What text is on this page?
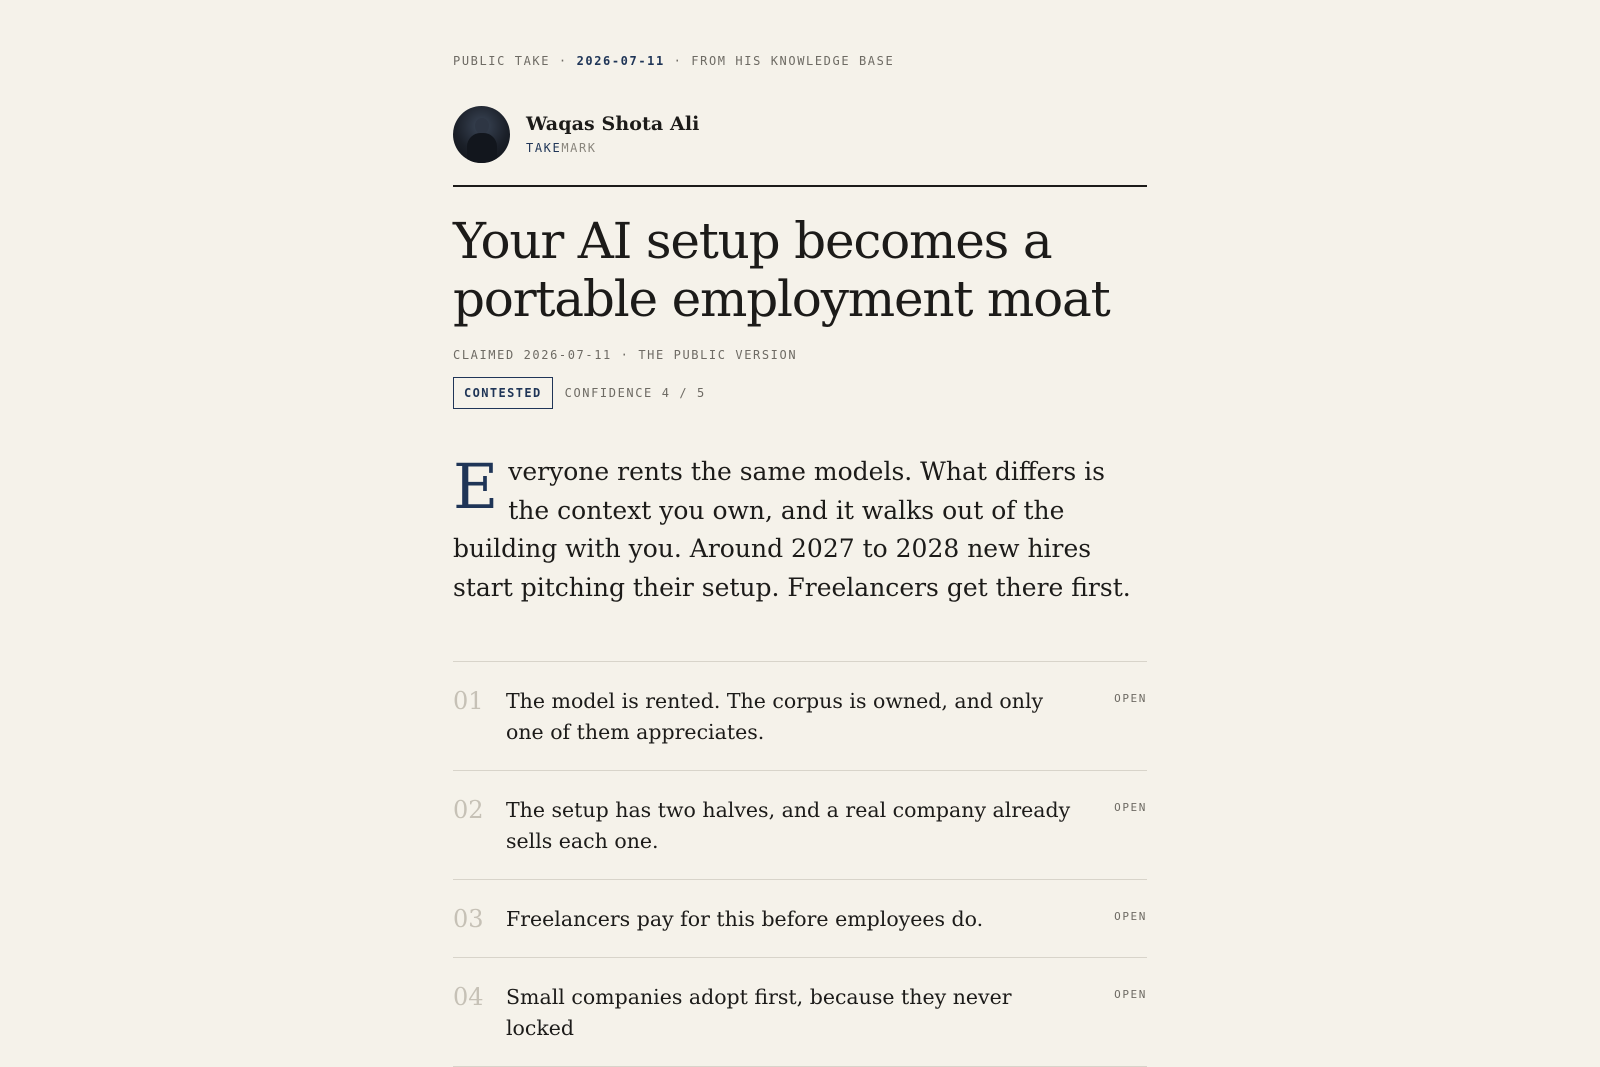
PUBLIC TAKE · 2026-07-11 · FROM HIS KNOWLEDGE BASE
Waqas Shota Ali
TAKEMARK
Your AI setup becomes a portable employment moat
CLAIMED 2026-07-11 · THE PUBLIC VERSION
CONTESTED	CONFIDENCE 4 / 5

Everyone rents the same models. What differs is the context you own, and it walks out of the building with you. Around 2027 to 2028 new hires start pitching their setup. Freelancers get there first.

01	The model is rented. The corpus is owned, and only one of them appreciates.
OPEN
02	The setup has two halves, and a real company already sells each one.
OPEN
03	Freelancers pay for this before employees do.	OPEN
04	Small companies adopt first, because they never locked
OPEN
